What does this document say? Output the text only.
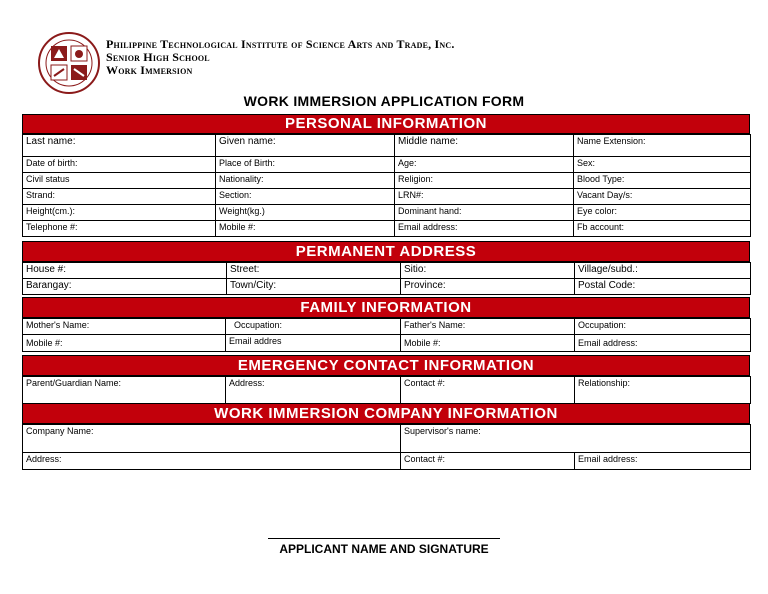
Philippine Technological Institute of Science Arts and Trade, Inc.
Senior High School
Work Immersion
WORK IMMERSION APPLICATION FORM
PERSONAL INFORMATION
Last name:	Given name:	Middle name:	Name Extension:
Date of birth:	Place of Birth:	Age:	Sex:
Civil status	Nationality:	Religion:	Blood Type:
Strand:	Section:	LRN#:	Vacant Day/s:
Height(cm.):	Weight(kg.)	Dominant hand:	Eye color:
Telephone #:	Mobile #:	Email address:	Fb account:
PERMANENT ADDRESS
House #:	Street:	Sitio:	Village/subd.:
Barangay:	Town/City:	Province:	Postal Code:
FAMILY INFORMATION
Mother's Name:	Occupation:	Father's Name:	Occupation:
Mobile #:	Email addres	Mobile #:	Email address:
EMERGENCY CONTACT INFORMATION
Parent/Guardian Name:	Address:	Contact #:	Relationship:
WORK IMMERSION COMPANY INFORMATION
Company Name:	Supervisor's name:	
Address:	Contact #:	Email address:
APPLICANT NAME AND SIGNATURE
